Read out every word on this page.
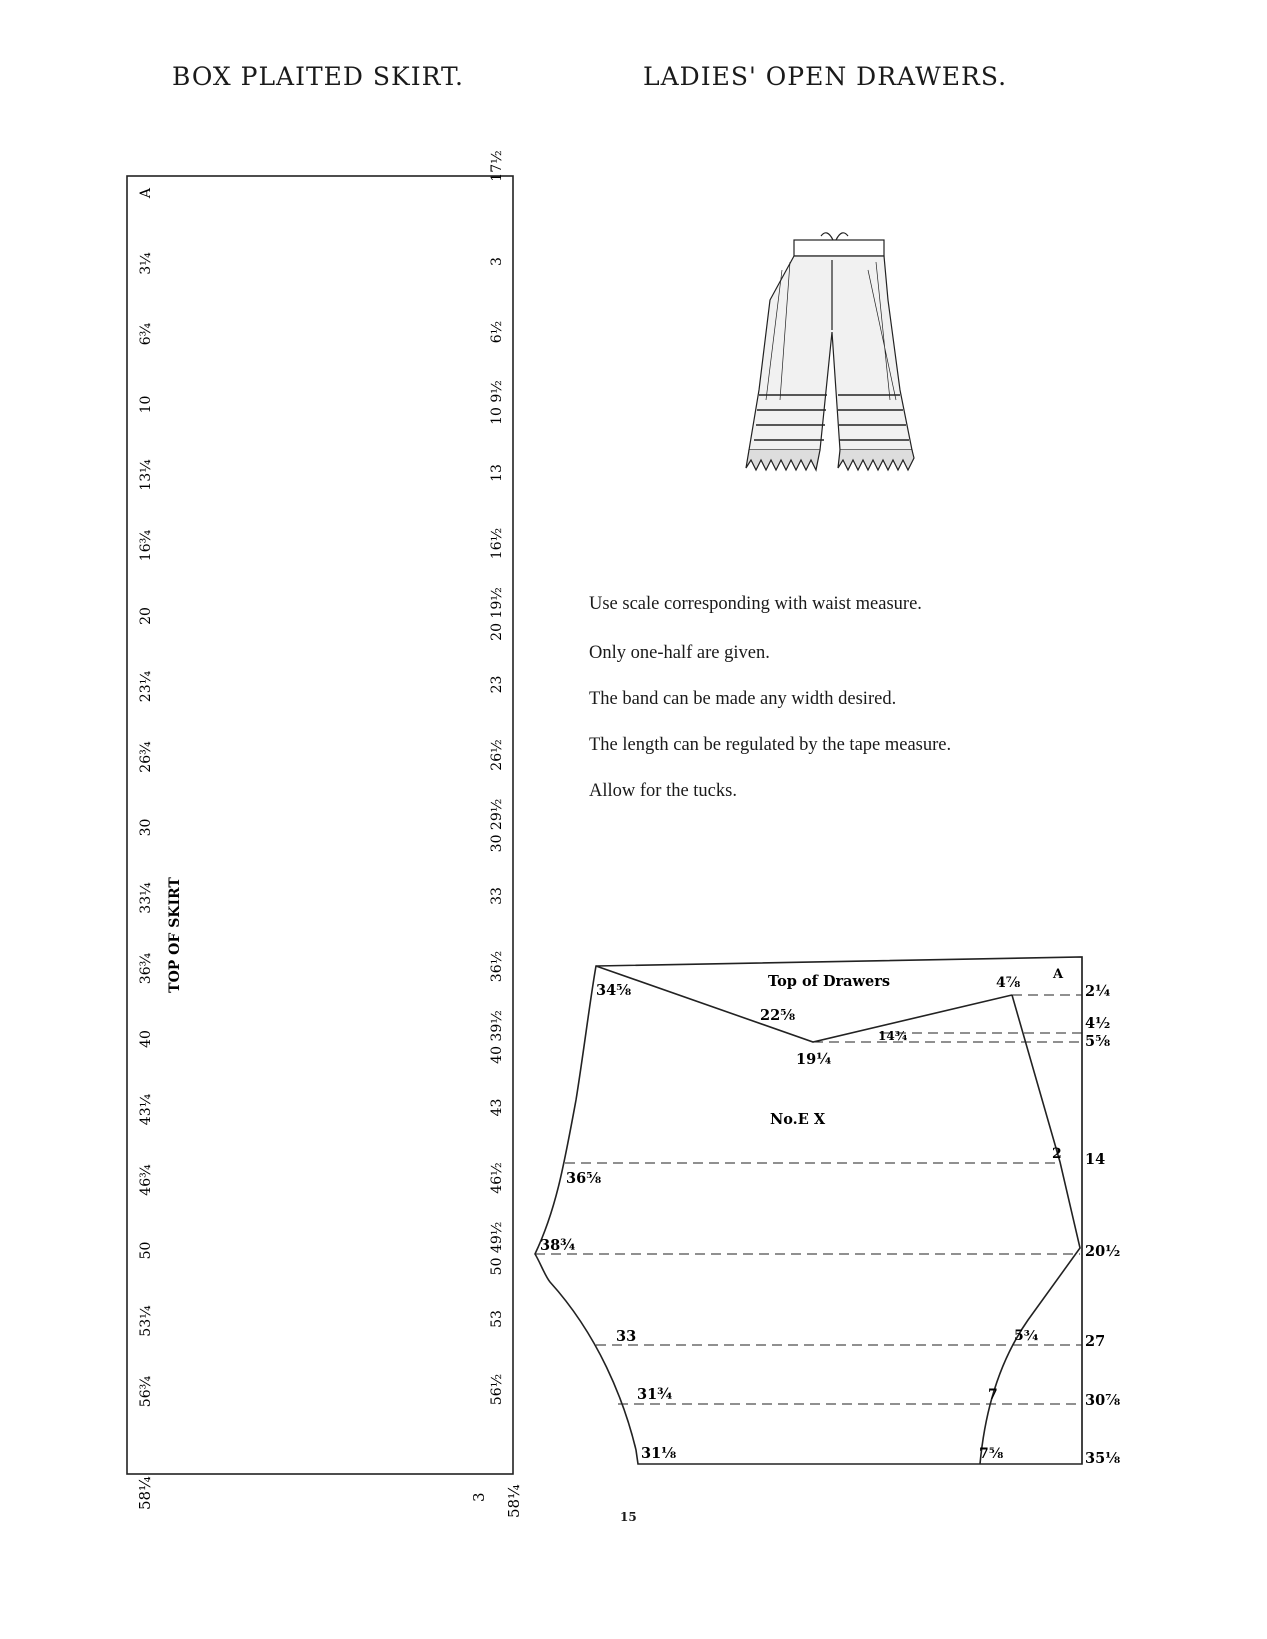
BOX PLAITED SKIRT.	LADIES' OPEN DRAWERS.
A
3¼
6¾
10
13¼
16¾
20
23¼
26¾
30
33¼
36¾
40
43¼
46¾
50
53¼
56¾
17½
3
6½
10 9½
13
16½
20 19½
23
26½
30 29½
33
36½
40 39½
43
46½
50 49½
53
56½
TOP OF SKIRT
58¼	3 58¼
Top of Drawers
No.E X
A
34⅝
22⅝
19¼
14¾
36⅝
38¾
33
31¾
31⅛
4⅞
2
5¾
7
7⅝
2¼
4½
5⅝
14
20½
27
30⅞
35⅛
Use scale corresponding with waist measure.
Only one-half are given.
The band can be made any width desired.
The length can be regulated by the tape measure.
Allow for the tucks.
15
